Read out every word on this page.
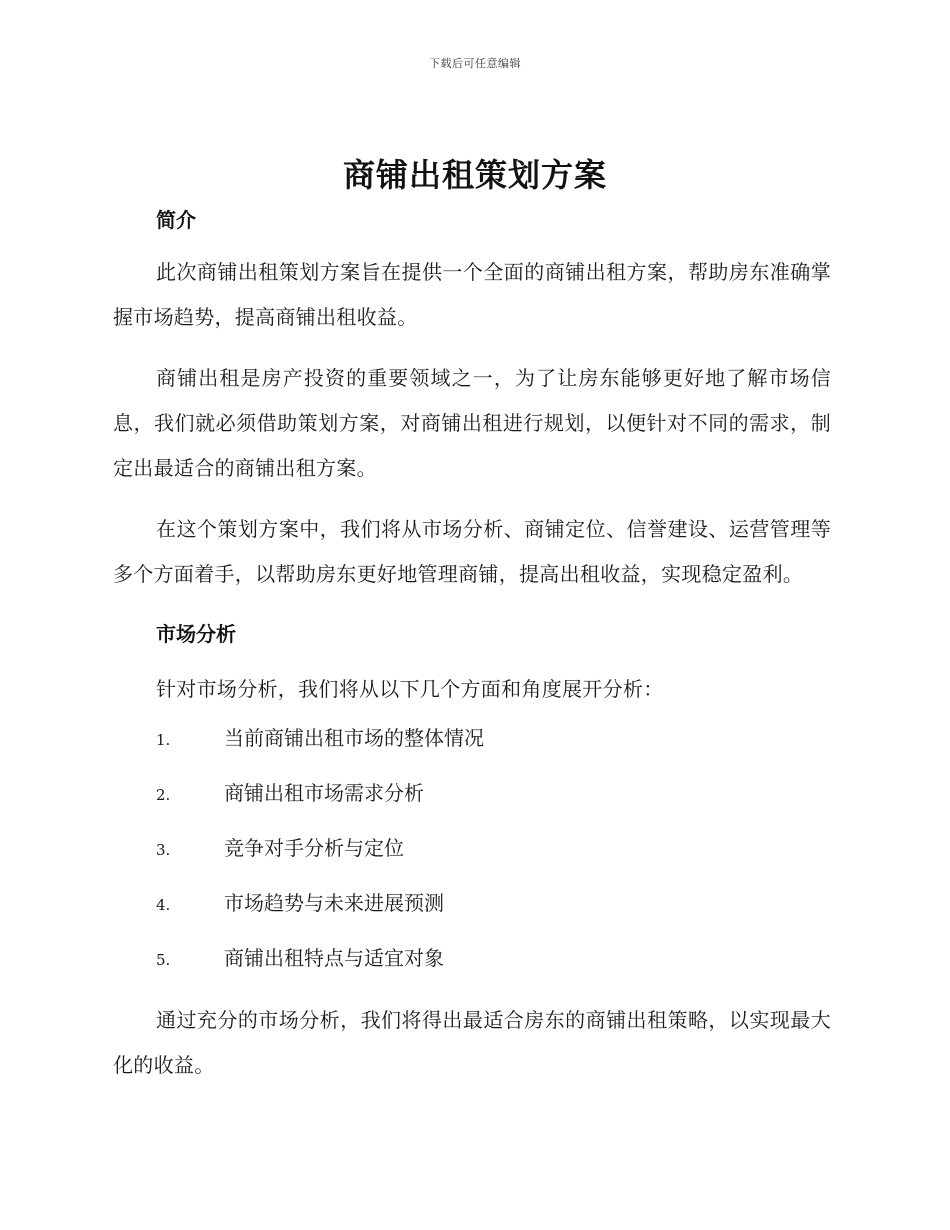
下载后可任意编辑
商铺出租策划方案
简介

此次商铺出租策划方案旨在提供一个全面的商铺出租方案，帮助房东准确掌握市场趋势，提高商铺出租收益。

商铺出租是房产投资的重要领域之一，为了让房东能够更好地了解市场信息，我们就必须借助策划方案，对商铺出租进行规划，以便针对不同的需求，制定出最适合的商铺出租方案。

在这个策划方案中，我们将从市场分析、商铺定位、信誉建设、运营管理等多个方面着手，以帮助房东更好地管理商铺，提高出租收益，实现稳定盈利。

市场分析

针对市场分析，我们将从以下几个方面和角度展开分析：

1.	当前商铺出租市场的整体情况
2.	商铺出租市场需求分析
3.	竞争对手分析与定位
4.	市场趋势与未来进展预测
5.	商铺出租特点与适宜对象

通过充分的市场分析，我们将得出最适合房东的商铺出租策略，以实现最大化的收益。
